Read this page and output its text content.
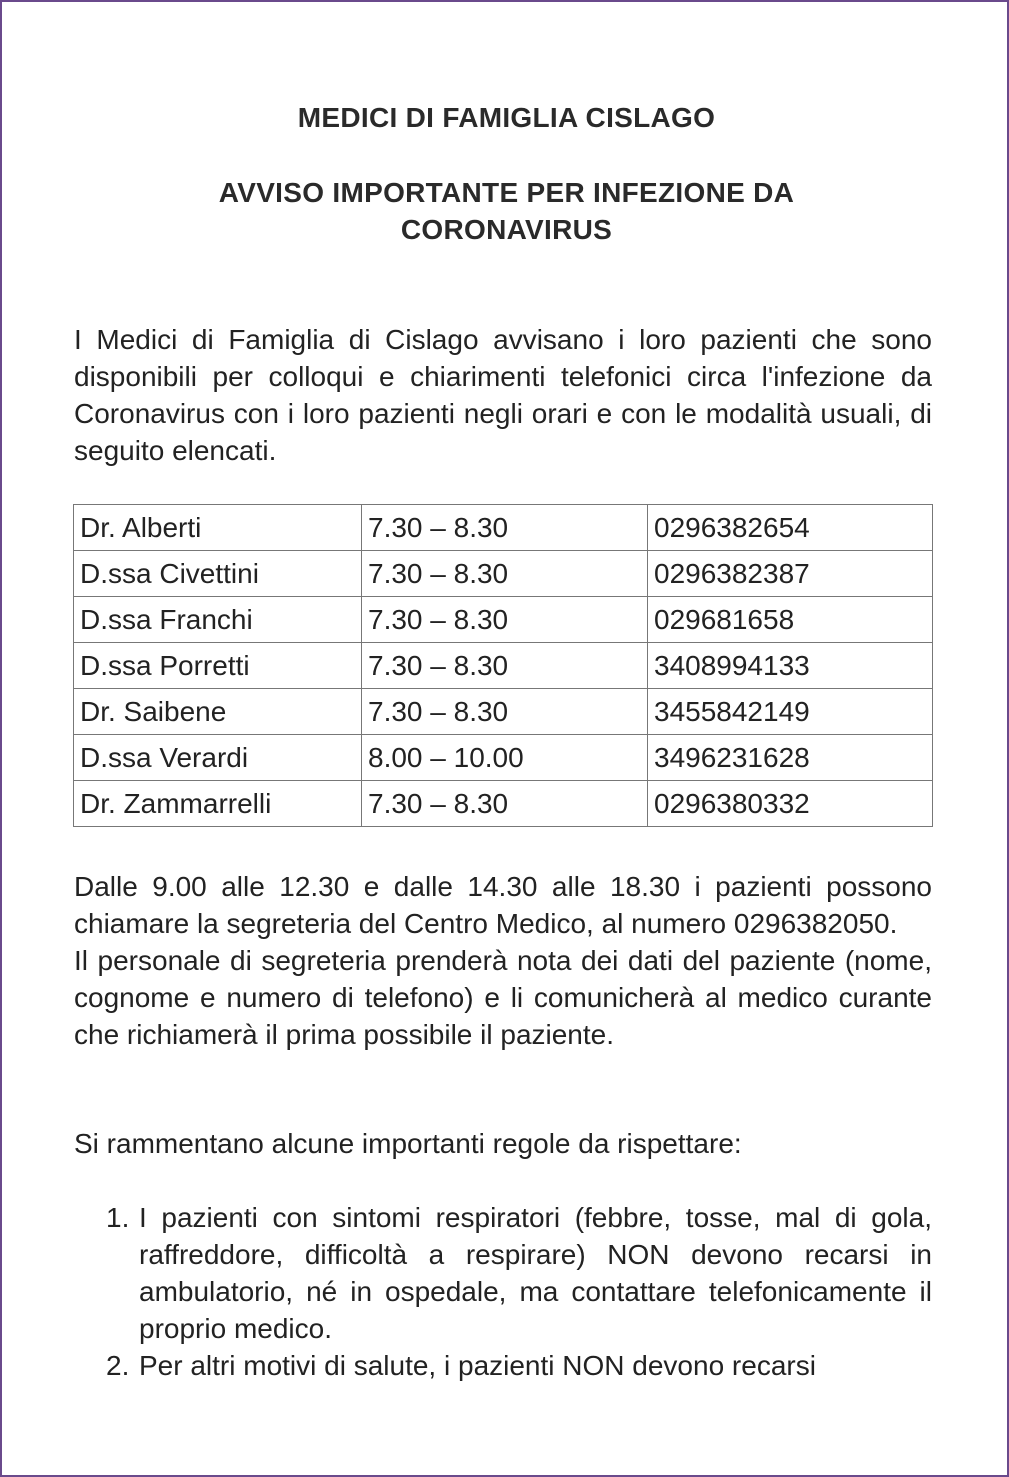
MEDICI DI FAMIGLIA CISLAGO
AVVISO IMPORTANTE PER INFEZIONE DA
CORONAVIRUS
I Medici di Famiglia di Cislago avvisano i loro pazienti che sono disponibili per colloqui e chiarimenti telefonici circa l'infezione da Coronavirus con i loro pazienti negli orari e con le modalità usuali, di seguito elencati.
Dr. Alberti	7.30 – 8.30	0296382654
D.ssa Civettini	7.30 – 8.30	0296382387
D.ssa Franchi	7.30 – 8.30	029681658
D.ssa Porretti	7.30 – 8.30	3408994133
Dr. Saibene	7.30 – 8.30	3455842149
D.ssa Verardi	8.00 – 10.00	3496231628
Dr. Zammarrelli	7.30 – 8.30	0296380332
Dalle 9.00 alle 12.30 e dalle 14.30 alle 18.30 i pazienti possono chiamare la segreteria del Centro Medico, al numero 0296382050.
Il personale di segreteria prenderà nota dei dati del paziente (nome, cognome e numero di telefono) e li comunicherà al medico curante che richiamerà il prima possibile il paziente.
Si rammentano alcune importanti regole da rispettare:
1. I pazienti con sintomi respiratori (febbre, tosse, mal di gola, raffreddore, difficoltà a respirare) NON devono recarsi in ambulatorio, né in ospedale, ma contattare telefonicamente il proprio medico.
2. Per altri motivi di salute, i pazienti NON devono recarsi
